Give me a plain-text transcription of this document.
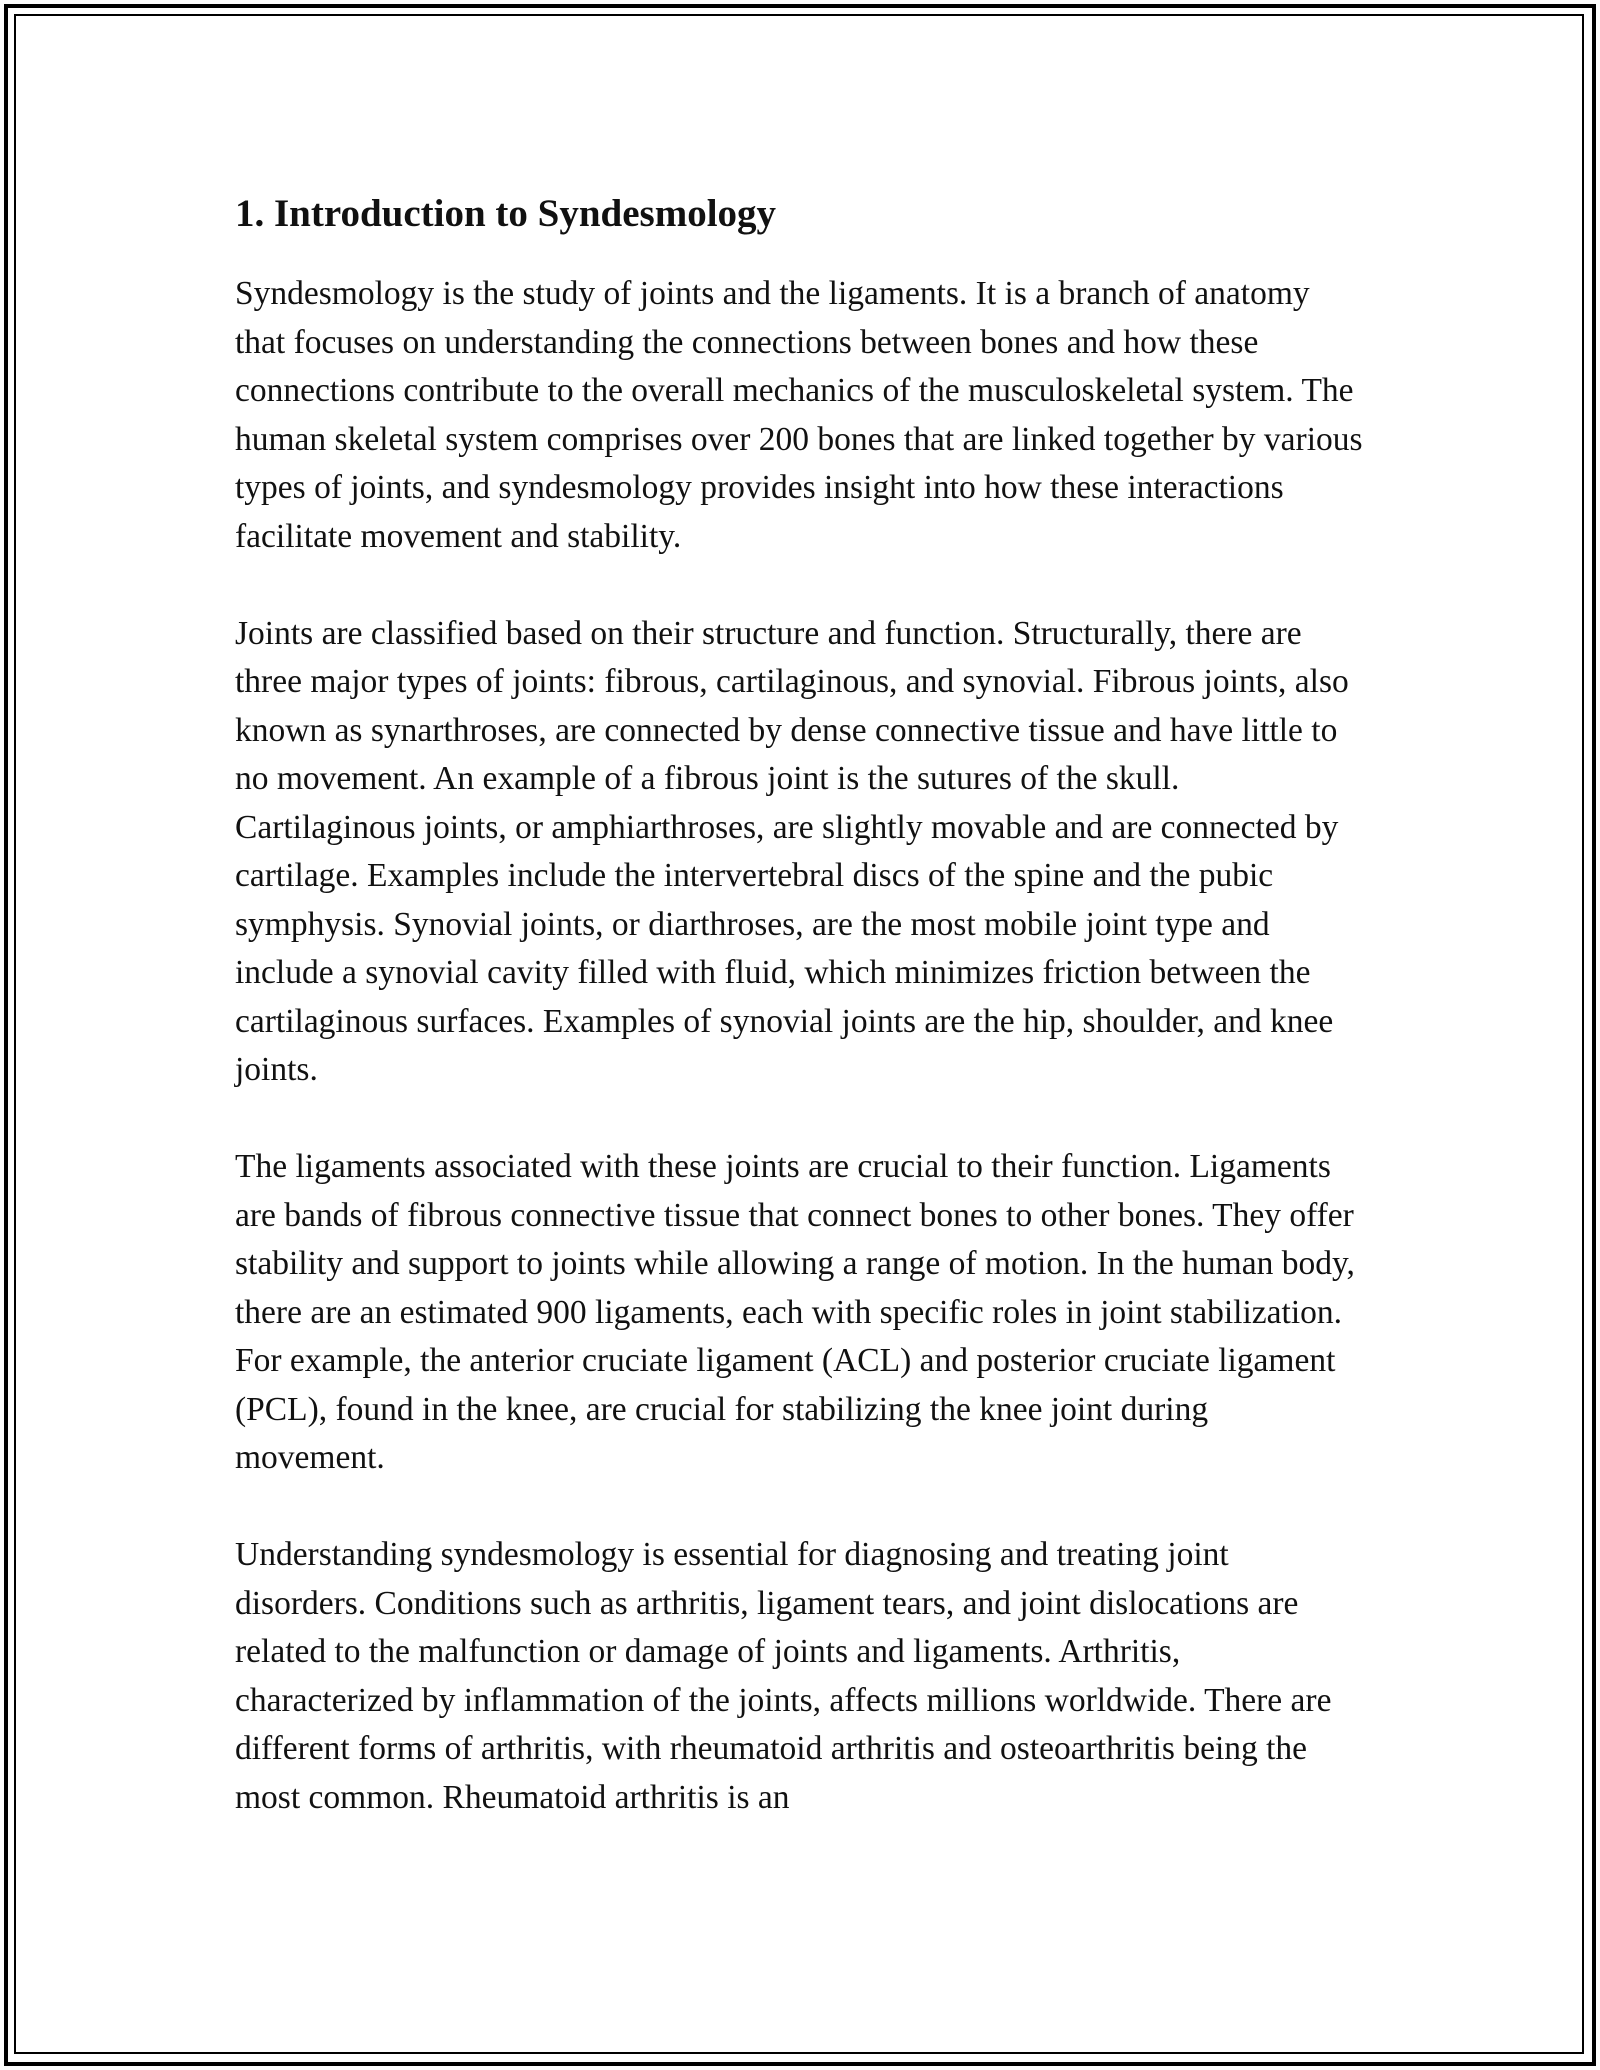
1. Introduction to Syndesmology

Syndesmology is the study of joints and the ligaments. It is a branch of anatomy that focuses on understanding the connections between bones and how these connections contribute to the overall mechanics of the musculoskeletal system. The human skeletal system comprises over 200 bones that are linked together by various types of joints, and syndesmology provides insight into how these interactions facilitate movement and stability.

Joints are classified based on their structure and function. Structurally, there are three major types of joints: fibrous, cartilaginous, and synovial. Fibrous joints, also known as synarthroses, are connected by dense connective tissue and have little to no movement. An example of a fibrous joint is the sutures of the skull. Cartilaginous joints, or amphiarthroses, are slightly movable and are connected by cartilage. Examples include the intervertebral discs of the spine and the pubic symphysis. Synovial joints, or diarthroses, are the most mobile joint type and include a synovial cavity filled with fluid, which minimizes friction between the cartilaginous surfaces. Examples of synovial joints are the hip, shoulder, and knee joints.

The ligaments associated with these joints are crucial to their function. Ligaments are bands of fibrous connective tissue that connect bones to other bones. They offer stability and support to joints while allowing a range of motion. In the human body, there are an estimated 900 ligaments, each with specific roles in joint stabilization. For example, the anterior cruciate ligament (ACL) and posterior cruciate ligament (PCL), found in the knee, are crucial for stabilizing the knee joint during movement.

Understanding syndesmology is essential for diagnosing and treating joint disorders. Conditions such as arthritis, ligament tears, and joint dislocations are related to the malfunction or damage of joints and ligaments. Arthritis, characterized by inflammation of the joints, affects millions worldwide. There are different forms of arthritis, with rheumatoid arthritis and osteoarthritis being the most common. Rheumatoid arthritis is an
